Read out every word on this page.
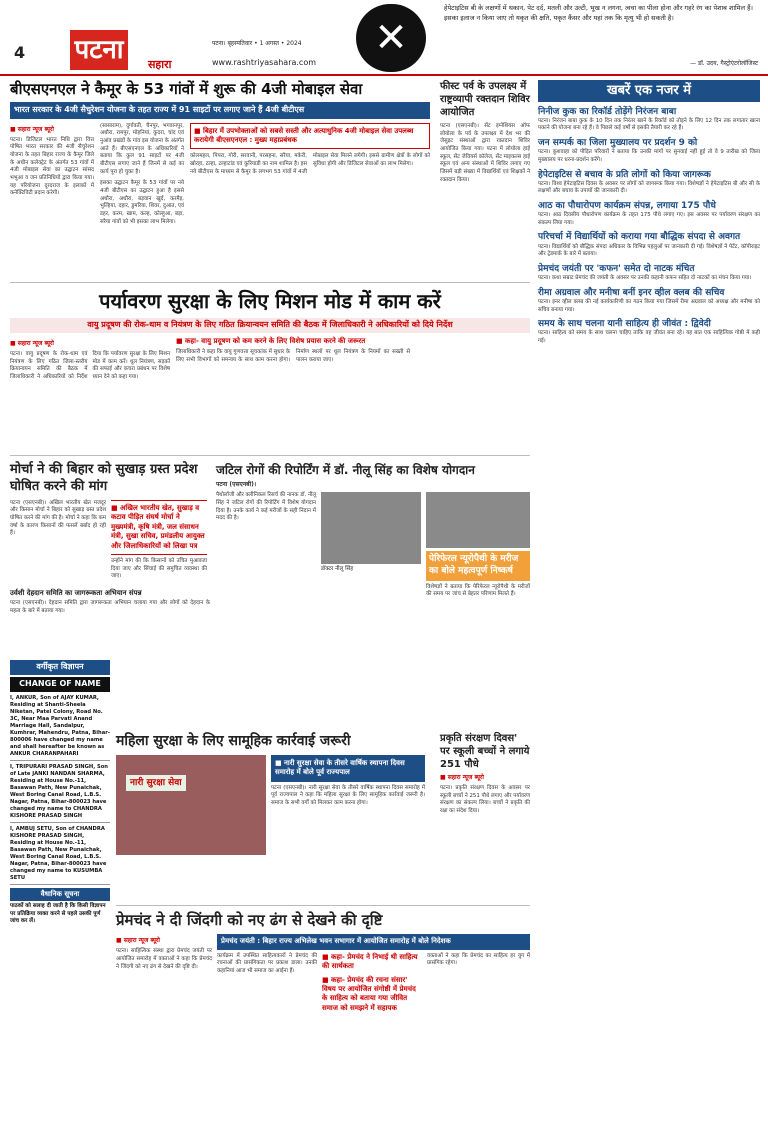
4 पटना	सहारा
पटना। बृहस्पतिवार • 1 अगस्त • 2024
www.rashtriyasahara.com
✕
हेपेटाइटिस बी के लक्षणों में थकान, पेट दर्द, मतली और उल्टी, भूख न लगना, त्वचा का पीला होना और गहरे रंग का पेशाब शामिल हैं। इसका इलाज न किया जाए तो यकृत की क्षति, यकृत कैंसर और यहां तक कि मृत्यु भी हो सकती है।
— डॉ. उदय, गैस्ट्रोएंटरोलॉजिस्ट
बीएसएनएल ने कैमूर के 53 गांवों में शुरू की 4जी मोबाइल सेवा
भारत सरकार के 4जी सैचुरेशन योजना के तहत राज्य में 91 साइटों पर लगाए जाने हैं 4जी बीटीएस
■ सहारा न्यूज ब्यूरो
पटना। डिजिटल भारत निधि द्वारा वित्त पोषित भारत सरकार की 4जी सैचुरेशन योजना के तहत बिहार राज्य के कैमूर जिले के अधीन कलेक्ट्रेट के अंतर्गत 53 गांवों में 4जी मोबाइल सेवा का उद्घाटन सांसद भभुआ व जन प्रतिनिधियों द्वारा किया गया। यह परियोजना दूरदराज के इलाकों में कनेक्टिविटी प्रदान करेगी।
(सासाराम), दुर्गावती, चैनपुर, भगवानपुर, अधौरा, रामपुर, मोहनियां, कुदरा, चांद एवं नुआंव प्रखंडों के गांव इस योजना के अंतर्गत आते हैं। बीएसएनएल के अधिकारियों ने बताया कि कुल 91 साइटों पर 4जी बीटीएस लगाए जाने हैं जिनमें से कई का कार्य पूरा हो चुका है।
इसका उद्घाटन कैमूर के 53 गांवों पर नये 4जी बीटीएस का उद्घाटन हुआ है इससे अधौरा, अधौरा, बड़वान खुर्द, करमैइ, भुल्हिया, दहार, डुमरिया, शिवर, दुआत, एवं डहर, करम, खाम, कल्ह, कोल्हुआ, बड़ा, सरैया गांवों को भी इसका लाभ मिलेगा।
■ बिहार में उपभोक्ताओं को सबसे सस्ती और अत्याधुनिक 4जी मोबाइल सेवा उपलब्ध करायेगी बीएसएनएल : मुख्य महाप्रबंधक
कोलमहल, पिपरा, गोरी, सरवानी, परसहना, सरैया, मकेरी, खोरहा, टल्हा, टल्हाटांड एवं कुरियाडी का नाम शामिल है। इस नये बीटीएस के माध्यम से कैमूर के लगभग 53 गांवों में 4जी मोबाइल सेवा मिलने लगेगी। इससे ग्रामीण क्षेत्रों के लोगों को सुविधा होगी और डिजिटल सेवाओं का लाभ मिलेगा।
फीस्ट पर्व के उपलक्ष्य में राष्ट्रव्यापी रक्तदान शिविर आयोजित
पटना (एसएनबी)। सेंट इग्नेशियस ऑफ लोयोला के पर्व के उपलक्ष्य में देश भर की जेसुइट संस्थाओं द्वारा रक्तदान शिविर आयोजित किया गया। पटना में लोयोला हाई स्कूल, सेंट जेवियर्स कॉलेज, सेंट माइकल्स हाई स्कूल एवं अन्य संस्थाओं में शिविर लगाए गए जिसमें बड़ी संख्या में विद्यार्थियों एवं शिक्षकों ने रक्तदान किया।
खबरें एक नजर में
निनीज कुक का रिकॉर्ड तोड़ेंगे निरंजन बाबा
पटना। निरंजन बाबा कुक के 10 दिन तक निरंतर खाने के रिकॉर्ड को तोड़ने के लिए 12 दिन तक लगातार खाना पकाने की योजना बना रहे हैं। वे पिछले कई वर्षों से इसकी तैयारी कर रहे हैं।
जन सम्पर्क का जिला मुख्यालय पर प्रदर्शन 9 को
पटना। कुशवाहा को पीड़ित परिवारों ने बताया कि उनकी मांगों पर सुनवाई नहीं हुई तो वे 9 तारीख को जिला मुख्यालय पर धरना-प्रदर्शन करेंगे।
हेपेटाइटिस से बचाव के प्रति लोगों को किया जागरूक
पटना। विश्व हेपेटाइटिस दिवस के अवसर पर लोगों को जागरूक किया गया। विशेषज्ञों ने हेपेटाइटिस बी और सी के लक्षणों और बचाव के उपायों की जानकारी दी।
आठ का पौधारोपण कार्यक्रम संपन्न, लगाया 175 पौधे
पटना। आठ दिवसीय पौधारोपण कार्यक्रम के तहत 175 पौधे लगाए गए। इस अवसर पर पर्यावरण संरक्षण का संकल्प लिया गया।
परिचर्चा में विद्यार्थियों को कराया गया बौद्धिक संपदा से अवगत
पटना। विद्यार्थियों को बौद्धिक संपदा अधिकार के विभिन्न पहलुओं पर जानकारी दी गई। विशेषज्ञों ने पेटेंट, कॉपीराइट और ट्रेडमार्क के बारे में बताया।
प्रेमचंद जयंती पर 'कफन' समेत दो नाटक मंचित
पटना। कथा सम्राट प्रेमचंद की जयंती के अवसर पर उनकी कहानी कफन सहित दो नाटकों का मंचन किया गया।
रीमा अग्रवाल और मनीषा बनीं इनर व्हील क्लब की सचिव
पटना। इनर व्हील क्लब की नई कार्यकारिणी का गठन किया गया जिसमें रीमा अग्रवाल को अध्यक्ष और मनीषा को सचिव बनाया गया।
समय के साथ चलना यानी साहित्य ही जीवंत : द्विवेदी
पटना। साहित्य को समय के साथ चलना चाहिए ताकि वह जीवंत बना रहे। यह बात एक साहित्यिक गोष्ठी में कही गई।
पर्यावरण सुरक्षा के लिए मिशन मोड में काम करें
वायु प्रदूषण की रोक-थाम व नियंत्रण के लिए गठित क्रियान्वयन समिति की बैठक में जिलाधिकारी ने अधिकारियों को दिये निर्देश
■ सहारा न्यूज ब्यूरो
पटना। वायु प्रदूषण के रोक-थाम एवं नियंत्रण के लिए गठित जिला-स्तरीय क्रियान्वयन समिति की बैठक में जिलाधिकारी ने अधिकारियों को निर्देश दिया कि पर्यावरण सुरक्षा के लिए मिशन मोड में काम करें। धूल नियंत्रण, सड़कों की सफाई और कचरा प्रबंधन पर विशेष ध्यान देने को कहा गया।
■ कहा- वायु प्रदूषण को कम करने के लिए विशेष प्रयास करने की जरूरत
जिलाधिकारी ने कहा कि वायु गुणवत्ता सूचकांक में सुधार के लिए सभी विभागों को समन्वय के साथ काम करना होगा। निर्माण स्थलों पर धूल नियंत्रण के नियमों का सख्ती से पालन कराया जाए।
मोर्चा ने की बिहार को सुखाड़ ग्रस्त प्रदेश घोषित करने की मांग
पटना (एसएनबी)। अखिल भारतीय खेत मजदूर और किसान मोर्चा ने बिहार को सुखाड़ ग्रस्त प्रदेश घोषित करने की मांग की है। मोर्चा ने कहा कि कम वर्षा के कारण किसानों की फसलें बर्बाद हो रही हैं।
■ अखिल भारतीय खेत, सुखाड़ व कटाव पीड़ित संघर्ष मोर्चा ने मुख्यमंत्री, कृषि मंत्री, जल संसाधन मंत्री, सुखा सचिव, प्रमंडलीय आयुक्त और जिलाधिकारियों को लिखा पत्र
उन्होंने मांग की कि किसानों को उचित मुआवजा दिया जाए और सिंचाई की समुचित व्यवस्था की जाए।
उर्वशी देहदान समिति का जागरूकता अभियान संपन्न
पटना (एसएनबी)। देहदान समिति द्वारा जागरूकता अभियान चलाया गया और लोगों को देहदान के महत्व के बारे में बताया गया।
जटिल रोगों की रिपोर्टिंग में डॉ. नीलू सिंह का विशेष योगदान
पटना (एसएनबी)।
पैथोलॉजी और क्लीनिकल रिसर्च की नानक डॉ. नीलू सिंह ने जटिल रोगों की रिपोर्टिंग में विशेष योगदान दिया है। उनके कार्य ने कई मरीजों के सही निदान में मदद की है।
डॉक्टर नीलू सिंह
पेरिफेरल न्यूरोपैथी के मरीज का बोले महत्वपूर्ण निष्कर्ष
विशेषज्ञों ने बताया कि पेरिफेरल न्यूरोपैथी के मरीजों की समय पर जांच से बेहतर परिणाम मिलते हैं।
वर्गीकृत विज्ञापन
CHANGE OF NAME
I, ANKUR, Son of AJAY KUMAR, Residing at Shanti-Sheela Niketan, Patel Colony, Road No. 3C, Near Maa Parvati Anand Marriage Hall, Sandalpur, Kumhrar, Mahendru, Patna, Bihar-800006 have changed my name and shall hereafter be known as ANKUR CHARANPAHARI
I, TRIPURARI PRASAD SINGH, Son of Late JANKI NANDAN SHARMA, Residing at House No.-11, Basawan Path, New Punaichak, West Boring Canal Road, L.B.S. Nagar, Patna, Bihar-800023 have changed my name to CHANDRA KISHORE PRASAD SINGH
I, AMBUJ SETU, Son of CHANDRA KISHORE PRASAD SINGH, Residing at House No.-11, Basawan Path, New Punaichak, West Boring Canal Road, L.B.S. Nagar, Patna, Bihar-800023 have changed my name to KUSUMBA SETU
वैधानिक सूचना
पाठकों को सलाह दी जाती है कि किसी विज्ञापन पर प्रतिक्रिया व्यक्त करने से पहले उसकी पूर्ण जांच कर लें।
महिला सुरक्षा के लिए सामूहिक कार्रवाई जरूरी
नारी सुरक्षा सेवा
■ नारी सुरक्षा सेवा के तीसरे वार्षिक स्थापना दिवस समारोह में बोले पूर्व राज्यपाल
पटना (एसएनबी)। नारी सुरक्षा सेवा के तीसरे वार्षिक स्थापना दिवस समारोह में पूर्व राज्यपाल ने कहा कि महिला सुरक्षा के लिए सामूहिक कार्रवाई जरूरी है। समाज के सभी वर्गों को मिलकर काम करना होगा।
प्रकृति संरक्षण दिवस' पर स्कूली बच्चों ने लगाये 251 पौधे
■ सहारा न्यूज ब्यूरो
पटना। प्रकृति संरक्षण दिवस के अवसर पर स्कूली बच्चों ने 251 पौधे लगाए और पर्यावरण संरक्षण का संकल्प लिया। बच्चों ने प्रकृति की रक्षा का संदेश दिया।
प्रेमचंद ने दी जिंदगी को नए ढंग से देखने की दृष्टि
■ सहारा न्यूज ब्यूरो
पटना। साहित्यिक संस्था द्वारा प्रेमचंद जयंती पर आयोजित समारोह में वक्ताओं ने कहा कि प्रेमचंद ने जिंदगी को नए ढंग से देखने की दृष्टि दी।
प्रेमचंद जयंती : बिहार राज्य अभिलेख भवन सभागार में आयोजित समारोह में बोले निदेशक
कार्यक्रम में उपस्थित साहित्यकारों ने प्रेमचंद की रचनाओं की प्रासंगिकता पर प्रकाश डाला। उनकी कहानियां आज भी समाज का आईना हैं।
■ कहा- प्रेमचंद ने निभाई थी साहित्य की सार्थकता
■ कहा- प्रेमचंद की रचना संसार' विषय पर आयोजित संगोष्ठी में प्रेमचंद के साहित्य को बताया गया जीवित समाज को समझने में सहायक
वक्ताओं ने कहा कि प्रेमचंद का साहित्य हर युग में प्रासंगिक रहेगा।
